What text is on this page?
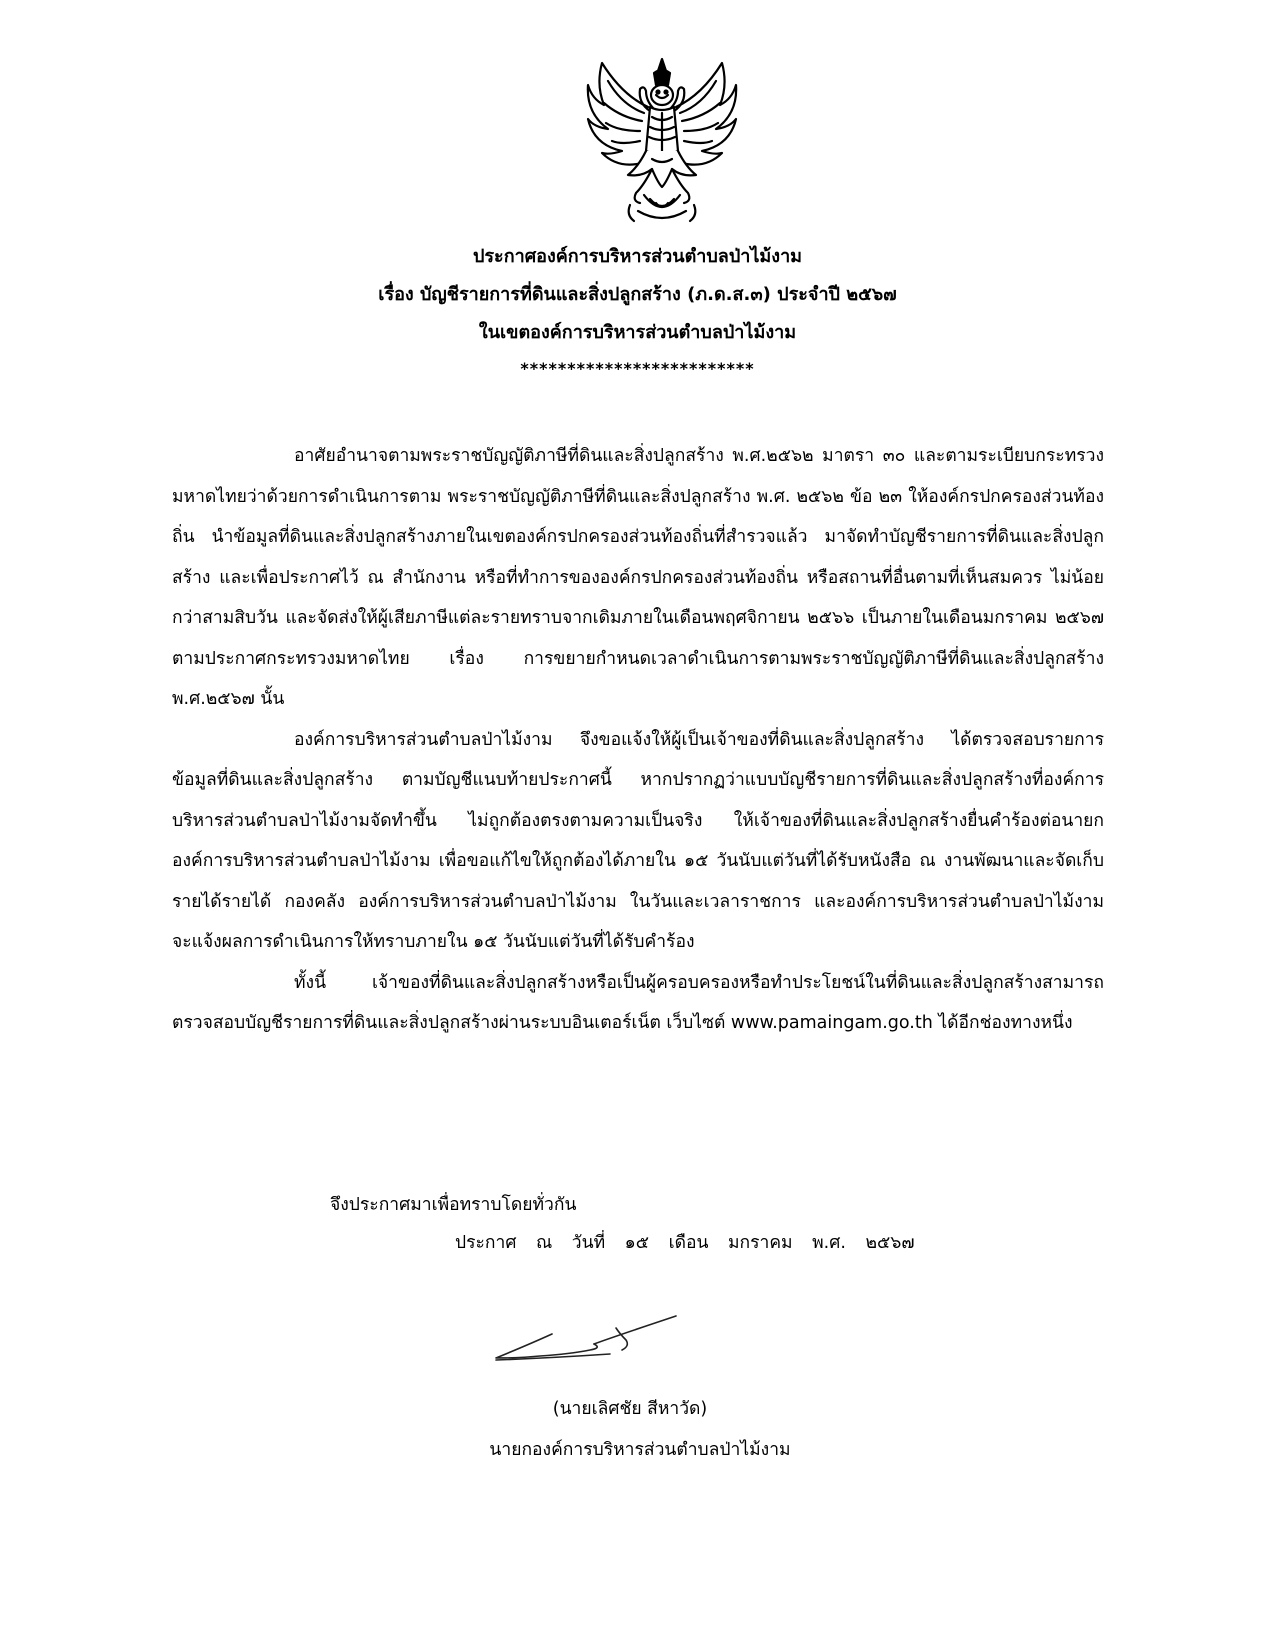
ประกาศองค์การบริหารส่วนตำบลป่าไม้งาม
เรื่อง บัญชีรายการที่ดินและสิ่งปลูกสร้าง (ภ.ด.ส.๓) ประจำปี ๒๕๖๗
ในเขตองค์การบริหารส่วนตำบลป่าไม้งาม
*************************

อาศัยอำนาจตามพระราชบัญญัติภาษีที่ดินและสิ่งปลูกสร้าง พ.ศ.๒๕๖๒ มาตรา ๓๐ และตามระเบียบกระทรวงมหาดไทยว่าด้วยการดำเนินการตาม พระราชบัญญัติภาษีที่ดินและสิ่งปลูกสร้าง พ.ศ. ๒๕๖๒ ข้อ ๒๓ ให้องค์กรปกครองส่วนท้องถิ่น นำข้อมูลที่ดินและสิ่งปลูกสร้างภายในเขตองค์กรปกครองส่วนท้องถิ่นที่สำรวจแล้ว มาจัดทำบัญชีรายการที่ดินและสิ่งปลูกสร้าง และเพื่อประกาศไว้ ณ สำนักงาน หรือที่ทำการขององค์กรปกครองส่วนท้องถิ่น หรือสถานที่อื่นตามที่เห็นสมควร ไม่น้อยกว่าสามสิบวัน และจัดส่งให้ผู้เสียภาษีแต่ละรายทราบจากเดิมภายในเดือนพฤศจิกายน ๒๕๖๖ เป็นภายในเดือนมกราคม ๒๕๖๗ ตามประกาศกระทรวงมหาดไทย เรื่อง การขยายกำหนดเวลาดำเนินการตามพระราชบัญญัติภาษีที่ดินและสิ่งปลูกสร้าง พ.ศ.๒๕๖๗ นั้น

องค์การบริหารส่วนตำบลป่าไม้งาม จึงขอแจ้งให้ผู้เป็นเจ้าของที่ดินและสิ่งปลูกสร้าง ได้ตรวจสอบรายการข้อมูลที่ดินและสิ่งปลูกสร้าง ตามบัญชีแนบท้ายประกาศนี้ หากปรากฏว่าแบบบัญชีรายการที่ดินและสิ่งปลูกสร้างที่องค์การบริหารส่วนตำบลป่าไม้งามจัดทำขึ้น ไม่ถูกต้องตรงตามความเป็นจริง ให้เจ้าของที่ดินและสิ่งปลูกสร้างยื่นคำร้องต่อนายกองค์การบริหารส่วนตำบลป่าไม้งาม เพื่อขอแก้ไขให้ถูกต้องได้ภายใน ๑๕ วันนับแต่วันที่ได้รับหนังสือ ณ งานพัฒนาและจัดเก็บรายได้รายได้ กองคลัง องค์การบริหารส่วนตำบลป่าไม้งาม ในวันและเวลาราชการ และองค์การบริหารส่วนตำบลป่าไม้งาม จะแจ้งผลการดำเนินการให้ทราบภายใน ๑๕ วันนับแต่วันที่ได้รับคำร้อง

ทั้งนี้ เจ้าของที่ดินและสิ่งปลูกสร้างหรือเป็นผู้ครอบครองหรือทำประโยชน์ในที่ดินและสิ่งปลูกสร้างสามารถตรวจสอบบัญชีรายการที่ดินและสิ่งปลูกสร้างผ่านระบบอินเตอร์เน็ต เว็บไซต์ www.pamaingam.go.th ได้อีกช่องทางหนึ่ง

จึงประกาศมาเพื่อทราบโดยทั่วกัน
ประกาศ ณ วันที่ ๑๕ เดือน มกราคม พ.ศ. ๒๕๖๗
(นายเลิศชัย สีหาวัด)
นายกองค์การบริหารส่วนตำบลป่าไม้งาม
